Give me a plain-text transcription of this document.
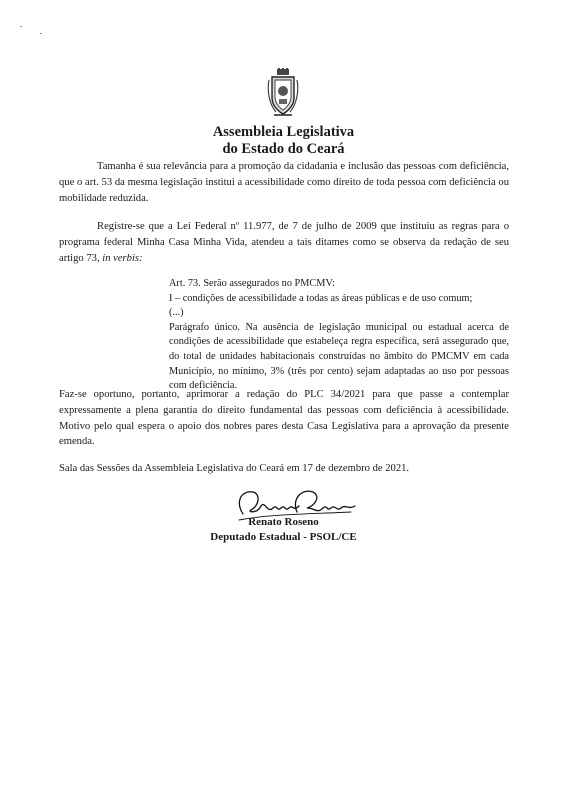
Assembleia Legislativa
do Estado do Ceará
Tamanha é sua relevância para a promoção da cidadania e inclusão das pessoas com deficiência, que o art. 53 da mesma legislação institui a acessibilidade como direito de toda pessoa com deficiência ou mobilidade reduzida.
Registre-se que a Lei Federal nº 11.977, de 7 de julho de 2009 que instituiu as regras para o programa federal Minha Casa Minha Vida, atendeu a tais ditames como se observa da redação de seu artigo 73, in verbis:
Art. 73. Serão assegurados no PMCMV:
I – condições de acessibilidade a todas as áreas públicas e de uso comum;
(...)
Parágrafo único. Na ausência de legislação municipal ou estadual acerca de condições de acessibilidade que estabeleça regra específica, será assegurado que, do total de unidades habitacionais construídas no âmbito do PMCMV em cada Município, no mínimo, 3% (três por cento) sejam adaptadas ao uso por pessoas com deficiência.
Faz-se oportuno, portanto, aprimorar a redação do PLC 34/2021 para que passe a contemplar expressamente a plena garantia do direito fundamental das pessoas com deficiência à acessibilidade. Motivo pelo qual espera o apoio dos nobres pares desta Casa Legislativa para a aprovação da presente emenda.
Sala das Sessões da Assembleia Legislativa do Ceará em 17 de dezembro de 2021.
Renato Roseno
Deputado Estadual - PSOL/CE
